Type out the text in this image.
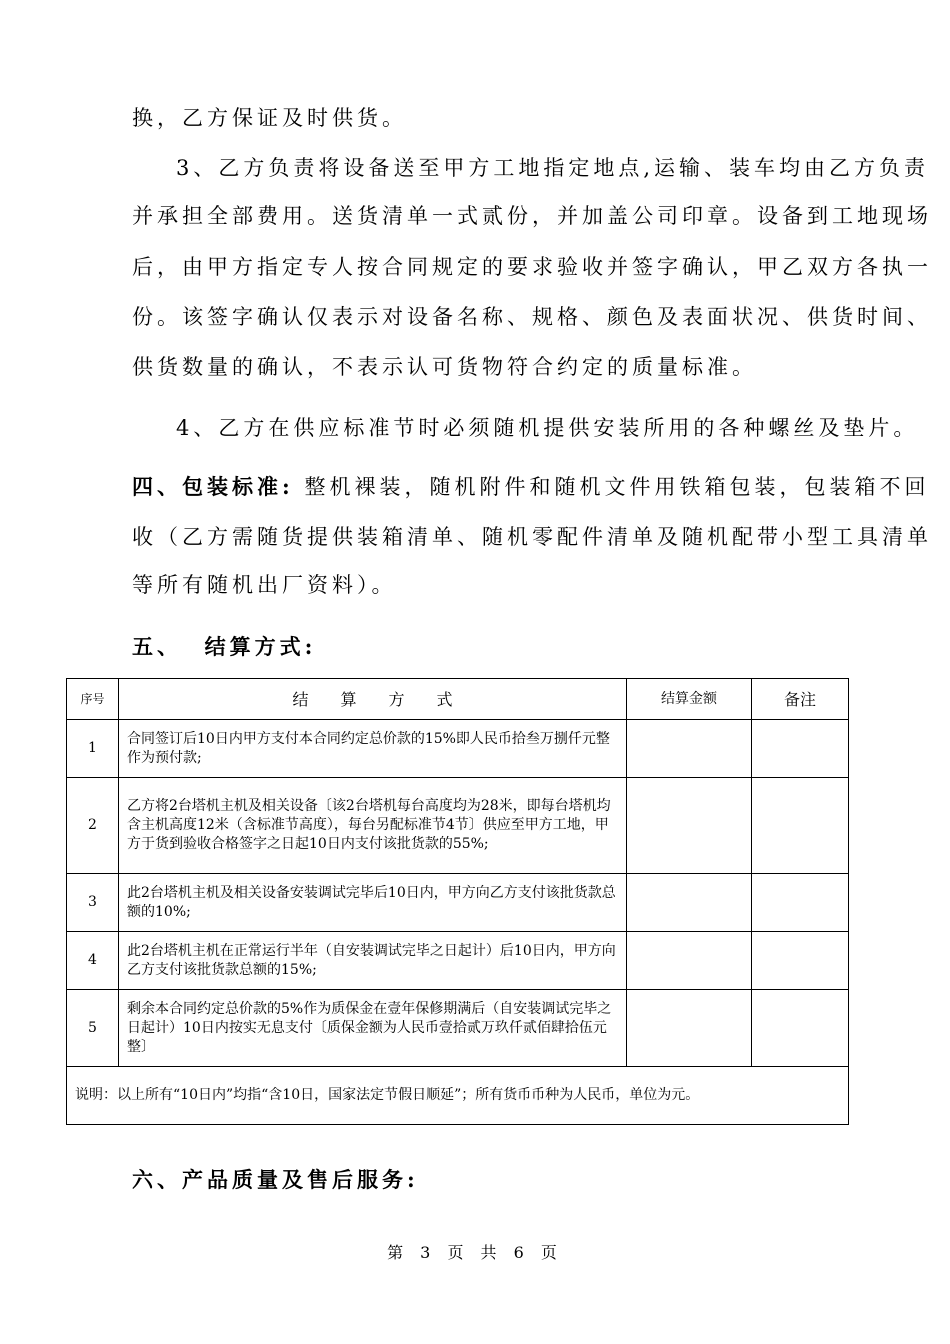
换，乙方保证及时供货。
3、乙方负责将设备送至甲方工地指定地点,运输、装车均由乙方负责
并承担全部费用。送货清单一式贰份，并加盖公司印章。设备到工地现场
后，由甲方指定专人按合同规定的要求验收并签字确认，甲乙双方各执一
份。该签字确认仅表示对设备名称、规格、颜色及表面状况、供货时间、
供货数量的确认，不表示认可货物符合约定的质量标准。
4、乙方在供应标准节时必须随机提供安装所用的各种螺丝及垫片。
四、包装标准: 整机裸装，随机附件和随机文件用铁箱包装，包装箱不回
收（乙方需随货提供装箱清单、随机零配件清单及随机配带小型工具清单
等所有随机出厂资料）。
五、  结算方式:
序号	结　　算　　方　　式	结算金额	备注
1	合同签订后10日内甲方支付本合同约定总价款的15%即人民币拾叁万捌仟元整作为预付款;		
2	乙方将2台塔机主机及相关设备〔该2台塔机每台高度均为28米，即每台塔机均含主机高度12米（含标准节高度），每台另配标准节4节〕供应至甲方工地，甲方于货到验收合格签字之日起10日内支付该批货款的55%;		
3	此2台塔机主机及相关设备安装调试完毕后10日内，甲方向乙方支付该批货款总额的10%;		
4	此2台塔机主机在正常运行半年（自安装调试完毕之日起计）后10日内，甲方向乙方支付该批货款总额的15%;		
5	剩余本合同约定总价款的5%作为质保金在壹年保修期满后（自安装调试完毕之日起计）10日内按实无息支付〔质保金额为人民币壹拾贰万玖仟贰佰肆拾伍元整〕		
说明：以上所有“10日内”均指“含10日，国家法定节假日顺延”；所有货币币种为人民币，单位为元。			
六、产品质量及售后服务:
第 3 页 共 6 页
